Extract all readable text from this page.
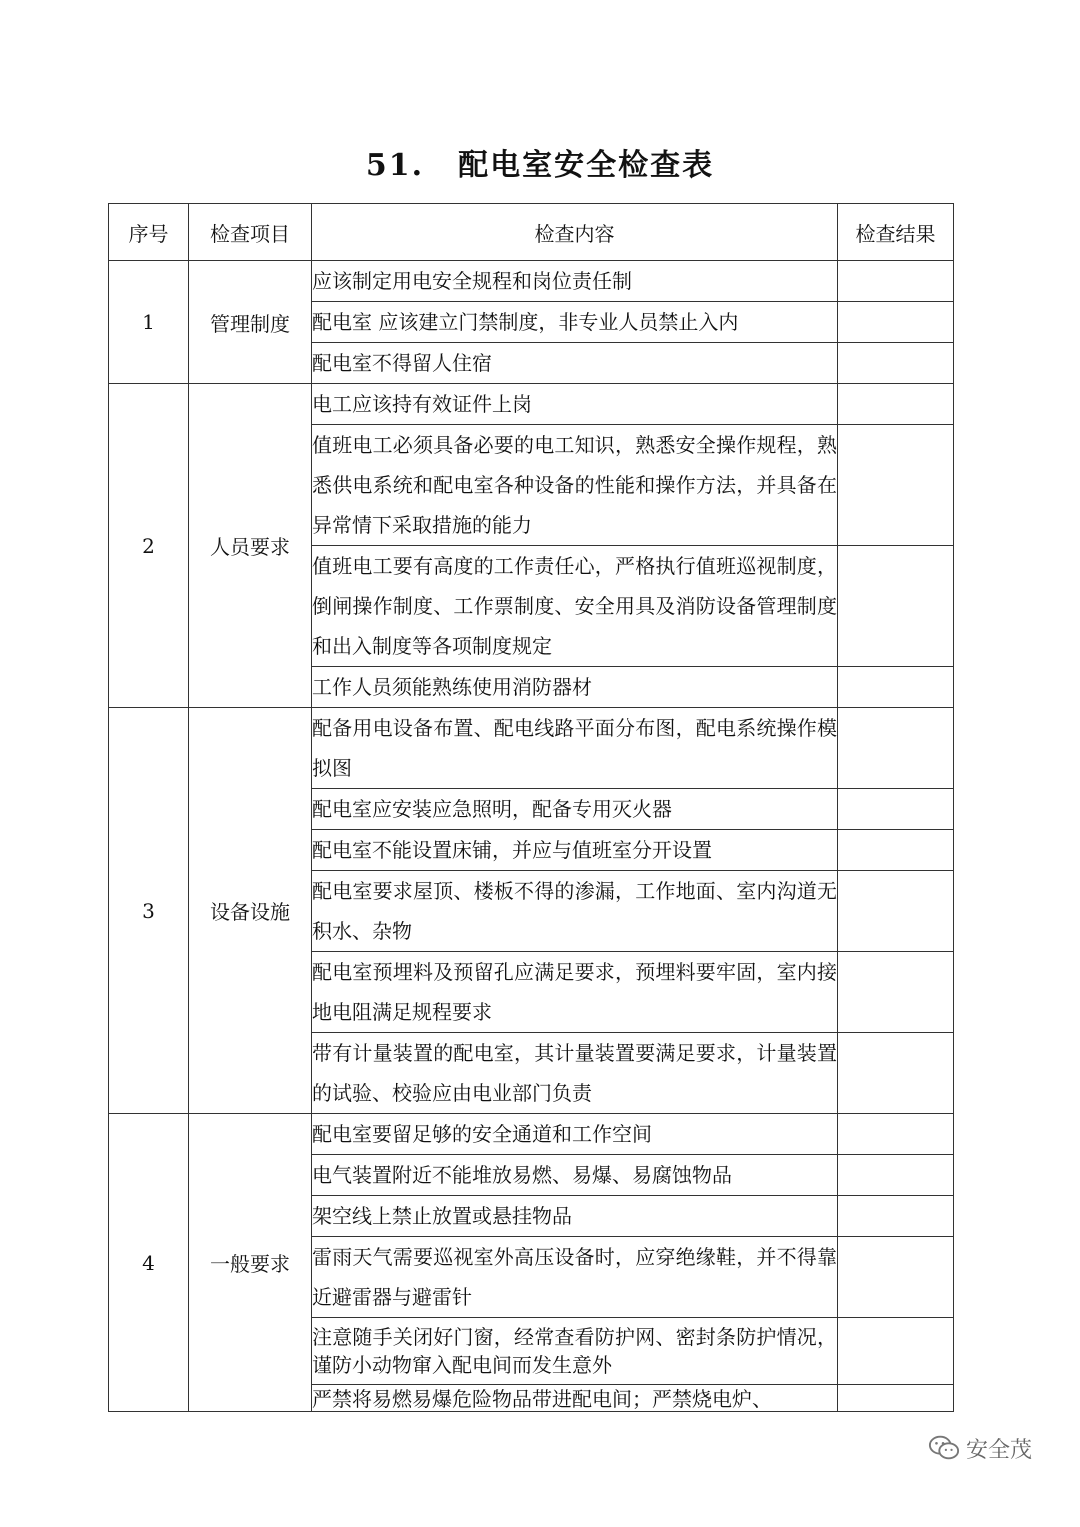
51. 配电室安全检查表
序号	检查项目	检查内容	检查结果
1	管理制度	应该制定用电安全规程和岗位责任制	
		配电室 应该建立门禁制度，非专业人员禁止入内	
		配电室不得留人住宿	
2	人员要求	电工应该持有效证件上岗	
		值班电工必须具备必要的电工知识，熟悉安全操作规程，熟悉供电系统和配电室各种设备的性能和操作方法，并具备在异常情下采取措施的能力	
		值班电工要有高度的工作责任心，严格执行值班巡视制度，倒闸操作制度、工作票制度、安全用具及消防设备管理制度和出入制度等各项制度规定	
		工作人员须能熟练使用消防器材	
3	设备设施	配备用电设备布置、配电线路平面分布图，配电系统操作模拟图	
		配电室应安装应急照明，配备专用灭火器	
		配电室不能设置床铺，并应与值班室分开设置	
		配电室要求屋顶、楼板不得的渗漏，工作地面、室内沟道无积水、杂物	
		配电室预埋料及预留孔应满足要求，预埋料要牢固，室内接地电阻满足规程要求	
		带有计量装置的配电室，其计量装置要满足要求，计量装置的试验、校验应由电业部门负责	
4	一般要求	配电室要留足够的安全通道和工作空间	
		电气装置附近不能堆放易燃、易爆、易腐蚀物品	
		架空线上禁止放置或悬挂物品	
		雷雨天气需要巡视室外高压设备时，应穿绝缘鞋，并不得靠近避雷器与避雷针	
		注意随手关闭好门窗，经常查看防护网、密封条防护情况，谨防小动物窜入配电间而发生意外	
		严禁将易燃易爆危险物品带进配电间；严禁烧电炉、	
安全茂
